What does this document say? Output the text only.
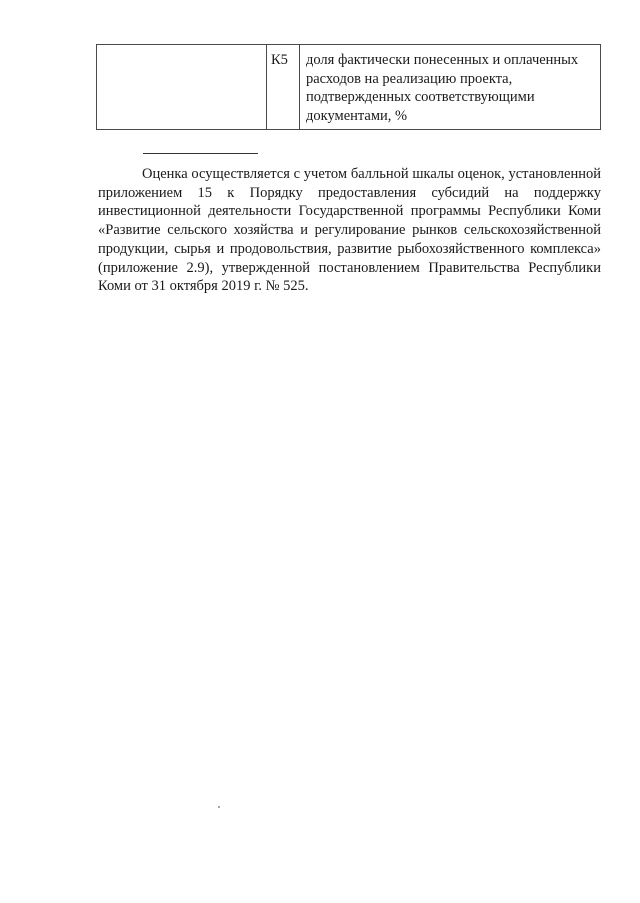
	К5	доля фактически понесенных и оплаченных расходов на реализацию проекта, подтвержденных соответствующими документами, %

Оценка осуществляется с учетом балльной шкалы оценок, установленной приложением 15 к Порядку предоставления субсидий на поддержку инвестиционной деятельности Государственной программы Республики Коми «Развитие сельского хозяйства и регулирование рынков сельскохозяйственной продукции, сырья и продовольствия, развитие рыбохозяйственного комплекса» (приложение 2.9), утвержденной постановлением Правительства Республики Коми от 31 октября 2019 г. № 525.
